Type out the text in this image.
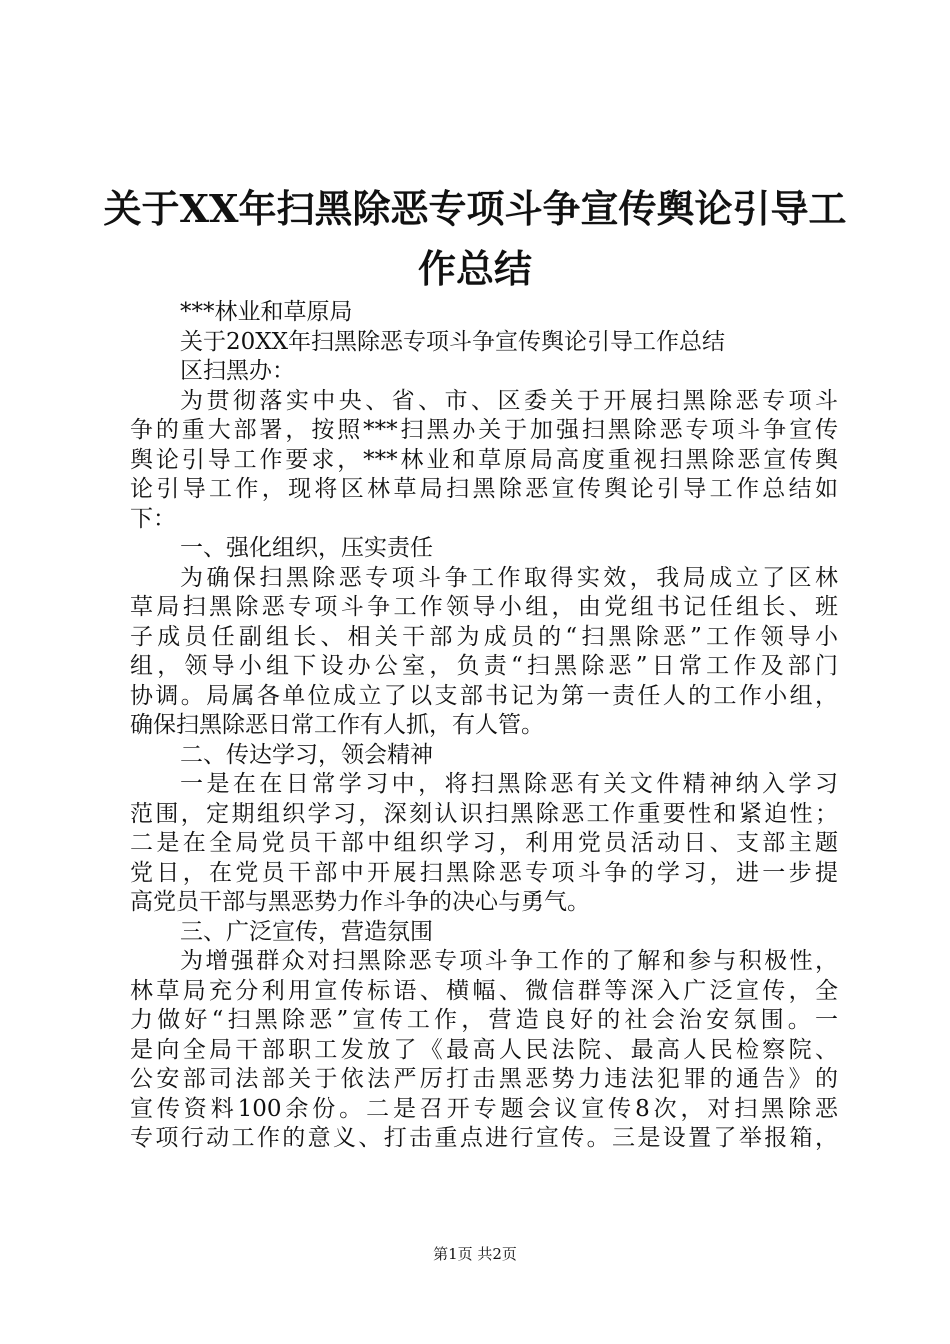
关于XX年扫黑除恶专项斗争宣传舆论引导工
作总结
***林业和草原局
关于20XX年扫黑除恶专项斗争宣传舆论引导工作总结
区扫黑办：
为贯彻落实中央、省、市、区委关于开展扫黑除恶专项斗
争的重大部署，按照***扫黑办关于加强扫黑除恶专项斗争宣传
舆论引导工作要求，***林业和草原局高度重视扫黑除恶宣传舆
论引导工作，现将区林草局扫黑除恶宣传舆论引导工作总结如
下：
一、强化组织，压实责任
为确保扫黑除恶专项斗争工作取得实效，我局成立了区林
草局扫黑除恶专项斗争工作领导小组，由党组书记任组长、班
子成员任副组长、相关干部为成员的“扫黑除恶”工作领导小
组，领导小组下设办公室，负责“扫黑除恶”日常工作及部门
协调。局属各单位成立了以支部书记为第一责任人的工作小组，
确保扫黑除恶日常工作有人抓，有人管。
二、传达学习，领会精神
一是在在日常学习中，将扫黑除恶有关文件精神纳入学习
范围，定期组织学习，深刻认识扫黑除恶工作重要性和紧迫性；
二是在全局党员干部中组织学习，利用党员活动日、支部主题
党日，在党员干部中开展扫黑除恶专项斗争的学习，进一步提
高党员干部与黑恶势力作斗争的决心与勇气。
三、广泛宣传，营造氛围
为增强群众对扫黑除恶专项斗争工作的了解和参与积极性，
林草局充分利用宣传标语、横幅、微信群等深入广泛宣传，全
力做好“扫黑除恶”宣传工作，营造良好的社会治安氛围。一
是向全局干部职工发放了《最高人民法院、最高人民检察院、
公安部司法部关于依法严厉打击黑恶势力违法犯罪的通告》的
宣传资料100余份。二是召开专题会议宣传8次，对扫黑除恶
专项行动工作的意义、打击重点进行宣传。三是设置了举报箱，
第1页 共2页
